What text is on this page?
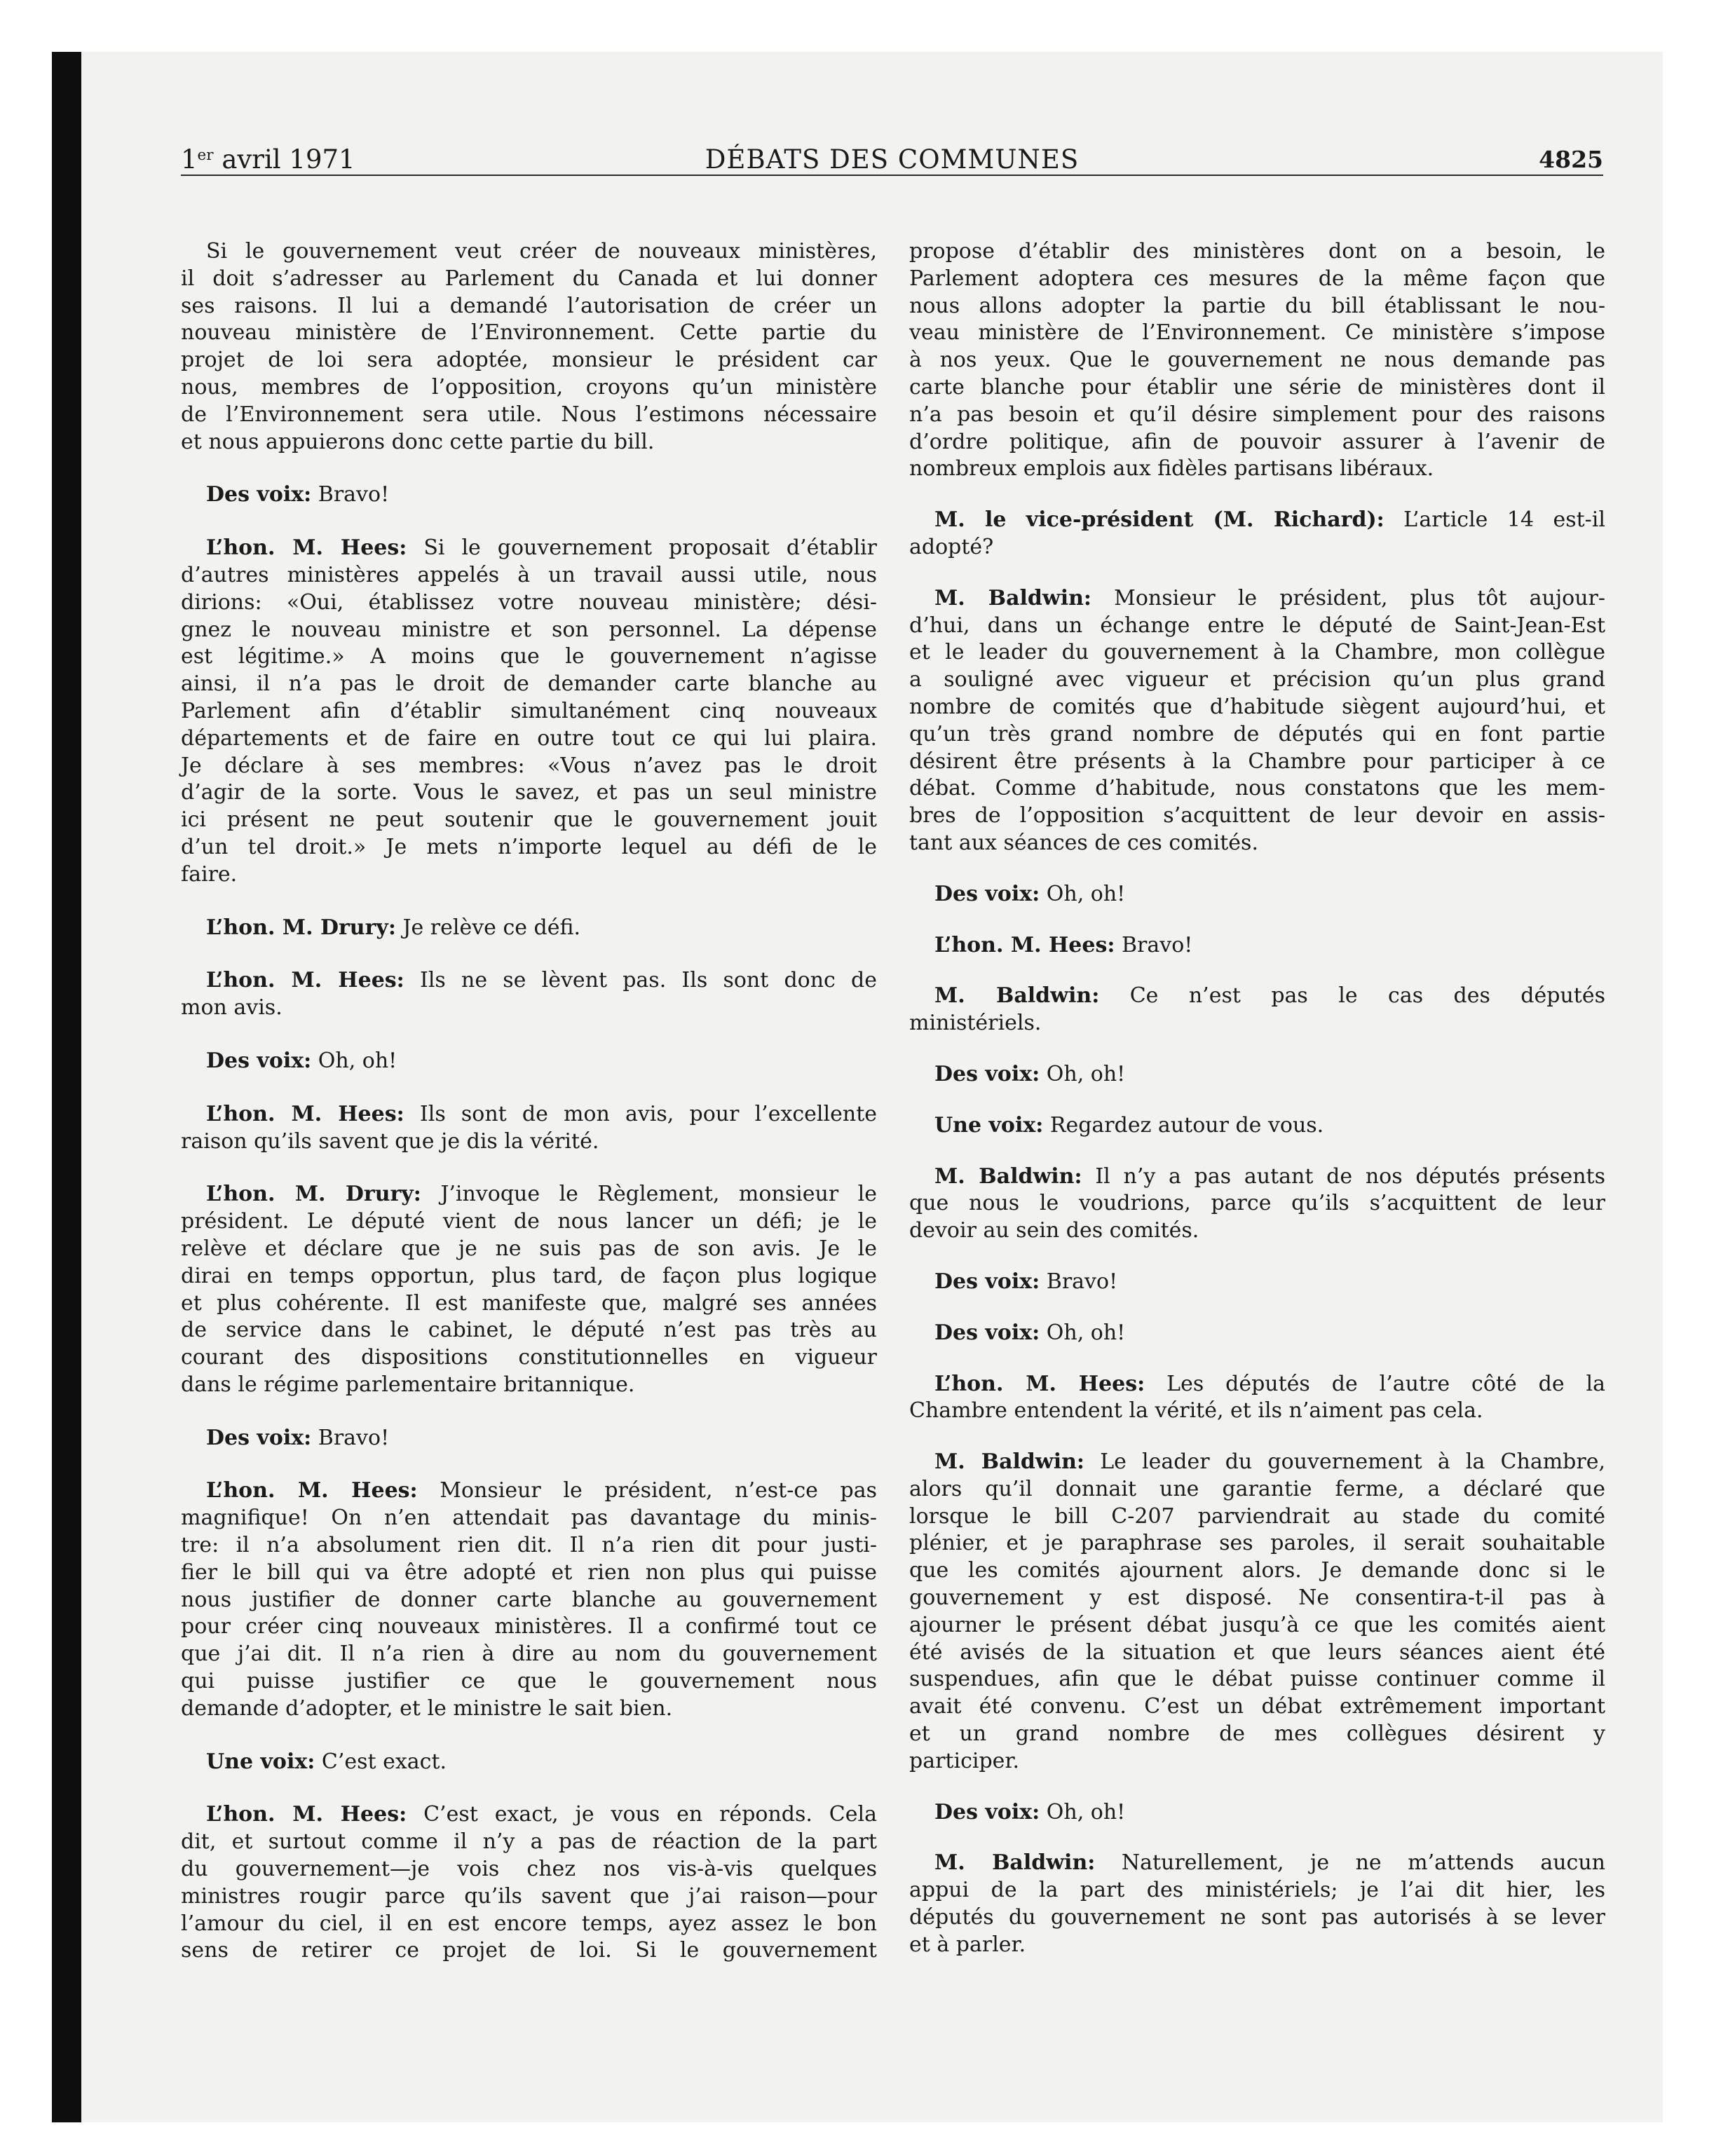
1er avril 1971	DÉBATS DES COMMUNES	4825
Si le gouvernement veut créer de nouveaux ministères,
il doit s’adresser au Parlement du Canada et lui donner
ses raisons. Il lui a demandé l’autorisation de créer un
nouveau ministère de l’Environnement. Cette partie du
projet de loi sera adoptée, monsieur le président car
nous, membres de l’opposition, croyons qu’un ministère
de l’Environnement sera utile. Nous l’estimons nécessaire
et nous appuierons donc cette partie du bill.
Des voix: Bravo!
L’hon. M. Hees: Si le gouvernement proposait d’établir
d’autres ministères appelés à un travail aussi utile, nous
dirions: «Oui, établissez votre nouveau ministère; dési-
gnez le nouveau ministre et son personnel. La dépense
est légitime.» A moins que le gouvernement n’agisse
ainsi, il n’a pas le droit de demander carte blanche au
Parlement afin d’établir simultanément cinq nouveaux
départements et de faire en outre tout ce qui lui plaira.
Je déclare à ses membres: «Vous n’avez pas le droit
d’agir de la sorte. Vous le savez, et pas un seul ministre
ici présent ne peut soutenir que le gouvernement jouit
d’un tel droit.» Je mets n’importe lequel au défi de le
faire.
L’hon. M. Drury: Je relève ce défi.
L’hon. M. Hees: Ils ne se lèvent pas. Ils sont donc de
mon avis.
Des voix: Oh, oh!
L’hon. M. Hees: Ils sont de mon avis, pour l’excellente
raison qu’ils savent que je dis la vérité.
L’hon. M. Drury: J’invoque le Règlement, monsieur le
président. Le député vient de nous lancer un défi; je le
relève et déclare que je ne suis pas de son avis. Je le
dirai en temps opportun, plus tard, de façon plus logique
et plus cohérente. Il est manifeste que, malgré ses années
de service dans le cabinet, le député n’est pas très au
courant des dispositions constitutionnelles en vigueur
dans le régime parlementaire britannique.
Des voix: Bravo!
L’hon. M. Hees: Monsieur le président, n’est-ce pas
magnifique! On n’en attendait pas davantage du minis-
tre: il n’a absolument rien dit. Il n’a rien dit pour justi-
fier le bill qui va être adopté et rien non plus qui puisse
nous justifier de donner carte blanche au gouvernement
pour créer cinq nouveaux ministères. Il a confirmé tout ce
que j’ai dit. Il n’a rien à dire au nom du gouvernement
qui puisse justifier ce que le gouvernement nous
demande d’adopter, et le ministre le sait bien.
Une voix: C’est exact.
L’hon. M. Hees: C’est exact, je vous en réponds. Cela
dit, et surtout comme il n’y a pas de réaction de la part
du gouvernement—je vois chez nos vis-à-vis quelques
ministres rougir parce qu’ils savent que j’ai raison—pour
l’amour du ciel, il en est encore temps, ayez assez le bon
sens de retirer ce projet de loi. Si le gouvernement
propose d’établir des ministères dont on a besoin, le
Parlement adoptera ces mesures de la même façon que
nous allons adopter la partie du bill établissant le nou-
veau ministère de l’Environnement. Ce ministère s’impose
à nos yeux. Que le gouvernement ne nous demande pas
carte blanche pour établir une série de ministères dont il
n’a pas besoin et qu’il désire simplement pour des raisons
d’ordre politique, afin de pouvoir assurer à l’avenir de
nombreux emplois aux fidèles partisans libéraux.
M. le vice-président (M. Richard): L’article 14 est-il
adopté?
M. Baldwin: Monsieur le président, plus tôt aujour-
d’hui, dans un échange entre le député de Saint-Jean-Est
et le leader du gouvernement à la Chambre, mon collègue
a souligné avec vigueur et précision qu’un plus grand
nombre de comités que d’habitude siègent aujourd’hui, et
qu’un très grand nombre de députés qui en font partie
désirent être présents à la Chambre pour participer à ce
débat. Comme d’habitude, nous constatons que les mem-
bres de l’opposition s’acquittent de leur devoir en assis-
tant aux séances de ces comités.
Des voix: Oh, oh!
L’hon. M. Hees: Bravo!
M. Baldwin: Ce n’est pas le cas des députés
ministériels.
Des voix: Oh, oh!
Une voix: Regardez autour de vous.
M. Baldwin: Il n’y a pas autant de nos députés présents
que nous le voudrions, parce qu’ils s’acquittent de leur
devoir au sein des comités.
Des voix: Bravo!
Des voix: Oh, oh!
L’hon. M. Hees: Les députés de l’autre côté de la
Chambre entendent la vérité, et ils n’aiment pas cela.
M. Baldwin: Le leader du gouvernement à la Chambre,
alors qu’il donnait une garantie ferme, a déclaré que
lorsque le bill C-207 parviendrait au stade du comité
plénier, et je paraphrase ses paroles, il serait souhaitable
que les comités ajournent alors. Je demande donc si le
gouvernement y est disposé. Ne consentira-t-il pas à
ajourner le présent débat jusqu’à ce que les comités aient
été avisés de la situation et que leurs séances aient été
suspendues, afin que le débat puisse continuer comme il
avait été convenu. C’est un débat extrêmement important
et un grand nombre de mes collègues désirent y
participer.
Des voix: Oh, oh!
M. Baldwin: Naturellement, je ne m’attends aucun
appui de la part des ministériels; je l’ai dit hier, les
députés du gouvernement ne sont pas autorisés à se lever
et à parler.
